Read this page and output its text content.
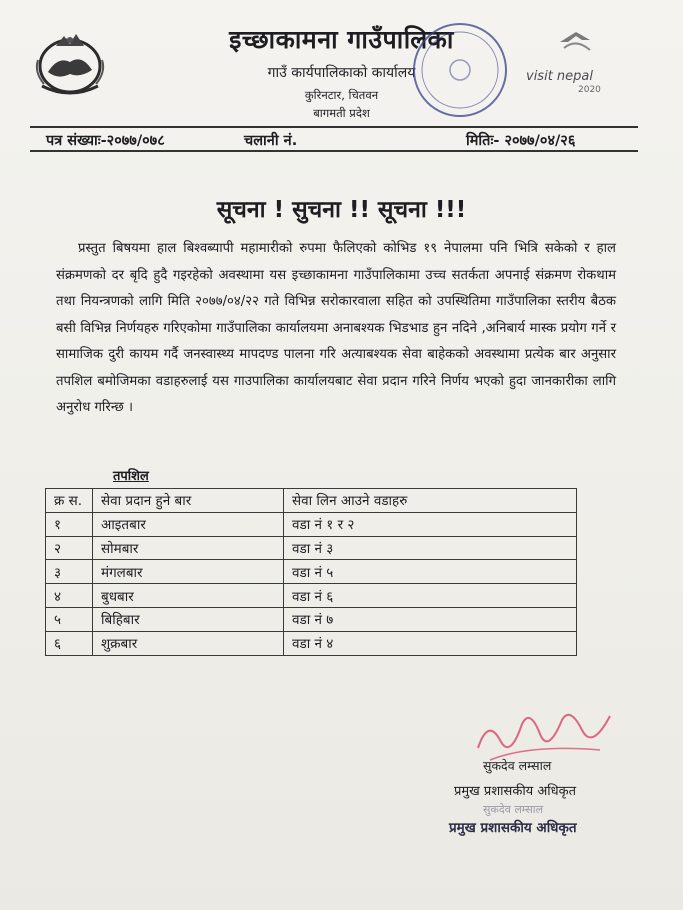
इच्छाकामना गाउँपालिका
गाउँ कार्यपालिकाको कार्यालय
कुरिनटार, चितवन
बागमती प्रदेश
visit nepal
2020
पत्र संख्याः-२०७७/०७८	चलानी नं.	मितिः- २०७७/०४/२६
सूचना ! सुचना !! सूचना !!!
प्रस्तुत बिषयमा हाल बिश्वब्यापी महामारीको रुपमा फैलिएको कोभिड १९ नेपालमा पनि भित्रि सकेको र हाल संक्रमणको दर बृदि हुदै गइरहेको अवस्थामा यस इच्छाकामना गाउँपालिकामा उच्च सतर्कता अपनाई संक्रमण रोकथाम तथा नियन्त्रणको लागि मिति २०७७/०४/२२ गते विभिन्न सरोकारवाला सहित को उपस्थितिमा गाउँपालिका स्तरीय बैठक बसी विभिन्न निर्णयहरु गरिएकोमा गाउँपालिका कार्यालयमा अनाबश्यक भिडभाड हुन नदिने ,अनिबार्य मास्क प्रयोग गर्ने र सामाजिक दुरी कायम गर्दै जनस्वास्थ्य मापदण्ड पालना गरि अत्याबश्यक सेवा बाहेकको अवस्थामा प्रत्येक बार अनुसार तपशिल बमोजिमका वडाहरुलाई यस गाउपालिका कार्यालयबाट सेवा प्रदान गरिने निर्णय भएको हुदा जानकारीका लागि अनुरोध गरिन्छ ।
तपशिल
क्र स.	सेवा प्रदान हुने बार	सेवा लिन आउने वडाहरु
१	आइतबार	वडा नं १ र २
२	सोमबार	वडा नं ३
३	मंगलबार	वडा नं ५
४	बुधबार	वडा नं ६
५	बिहिबार	वडा नं ७
६	शुक्रबार	वडा नं ४
सुकदेव लम्साल
प्रमुख प्रशासकीय अधिकृत
सुकदेव लम्साल
प्रमुख प्रशासकीय अधिकृत
